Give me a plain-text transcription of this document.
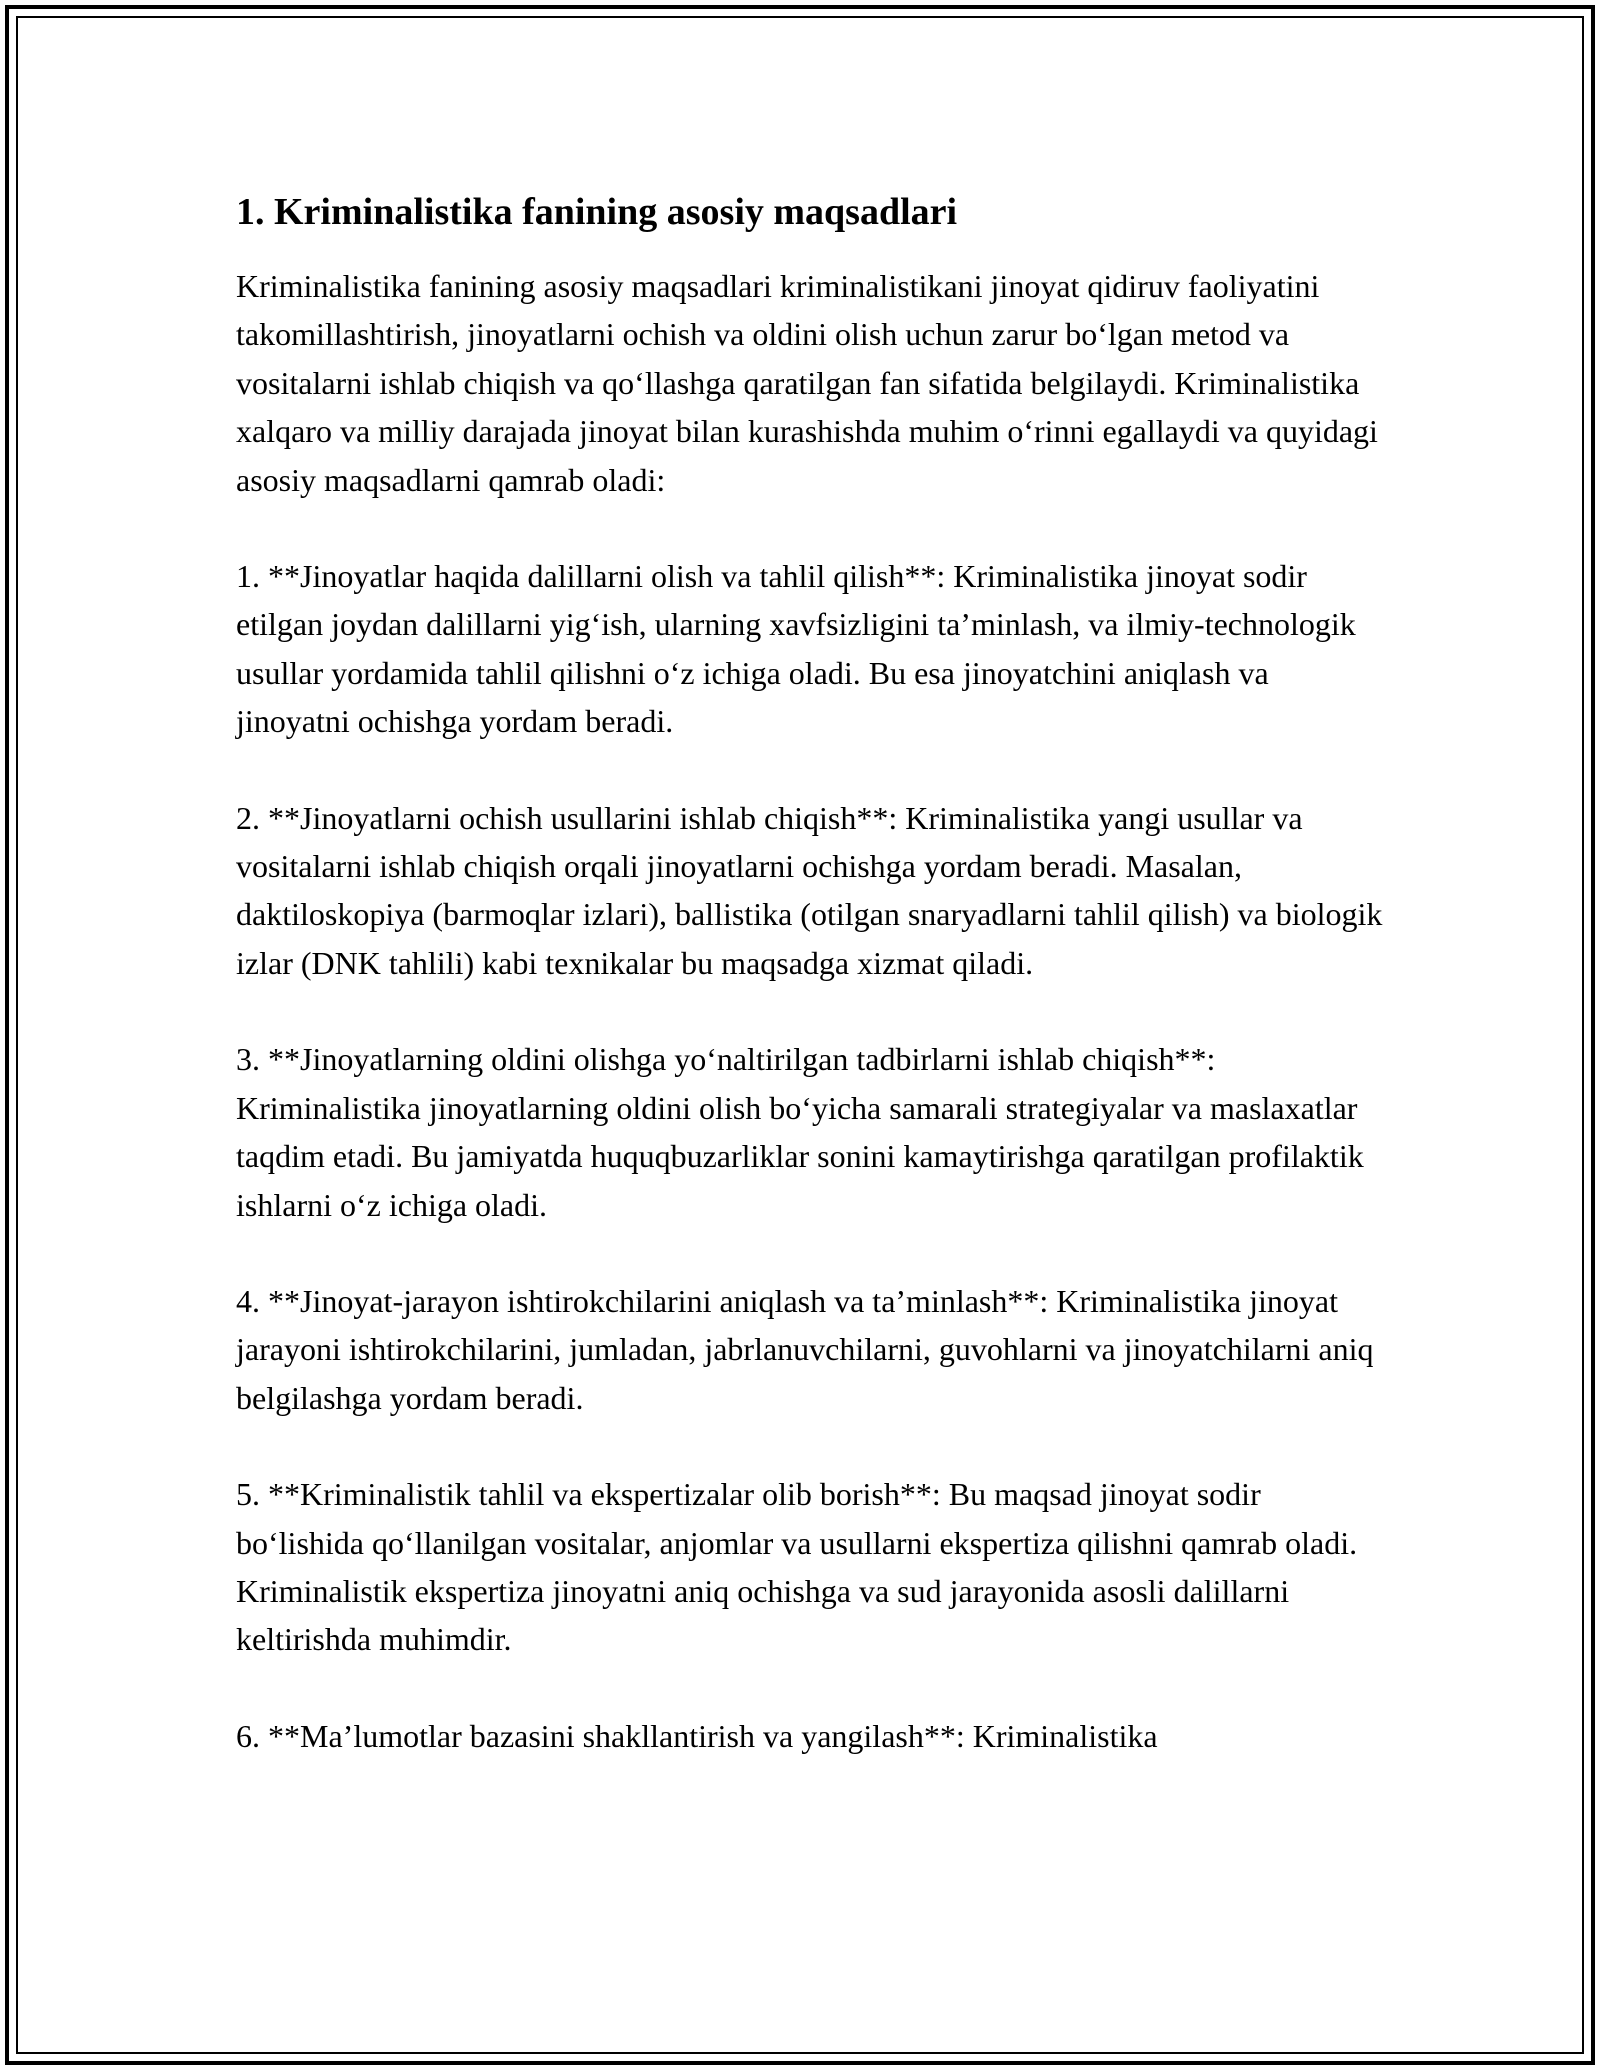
1. Kriminalistika fanining asosiy maqsadlari

Kriminalistika fanining asosiy maqsadlari kriminalistikani jinoyat qidiruv faoliyatini takomillashtirish, jinoyatlarni ochish va oldini olish uchun zarur bo‘lgan metod va vositalarni ishlab chiqish va qo‘llashga qaratilgan fan sifatida belgilaydi. Kriminalistika xalqaro va milliy darajada jinoyat bilan kurashishda muhim o‘rinni egallaydi va quyidagi asosiy maqsadlarni qamrab oladi:

1. **Jinoyatlar haqida dalillarni olish va tahlil qilish**: Kriminalistika jinoyat sodir etilgan joydan dalillarni yig‘ish, ularning xavfsizligini ta’minlash, va ilmiy-technologik usullar yordamida tahlil qilishni o‘z ichiga oladi. Bu esa jinoyatchini aniqlash va jinoyatni ochishga yordam beradi.

2. **Jinoyatlarni ochish usullarini ishlab chiqish**: Kriminalistika yangi usullar va vositalarni ishlab chiqish orqali jinoyatlarni ochishga yordam beradi. Masalan, daktiloskopiya (barmoqlar izlari), ballistika (otilgan snaryadlarni tahlil qilish) va biologik izlar (DNK tahlili) kabi texnikalar bu maqsadga xizmat qiladi.

3. **Jinoyatlarning oldini olishga yo‘naltirilgan tadbirlarni ishlab chiqish**: Kriminalistika jinoyatlarning oldini olish bo‘yicha samarali strategiyalar va maslaxatlar taqdim etadi. Bu jamiyatda huquqbuzarliklar sonini kamaytirishga qaratilgan profilaktik ishlarni o‘z ichiga oladi.

4. **Jinoyat-jarayon ishtirokchilarini aniqlash va ta’minlash**: Kriminalistika jinoyat jarayoni ishtirokchilarini, jumladan, jabrlanuvchilarni, guvohlarni va jinoyatchilarni aniq belgilashga yordam beradi.

5. **Kriminalistik tahlil va ekspertizalar olib borish**: Bu maqsad jinoyat sodir bo‘lishida qo‘llanilgan vositalar, anjomlar va usullarni ekspertiza qilishni qamrab oladi. Kriminalistik ekspertiza jinoyatni aniq ochishga va sud jarayonida asosli dalillarni keltirishda muhimdir.

6. **Ma’lumotlar bazasini shakllantirish va yangilash**: Kriminalistika
